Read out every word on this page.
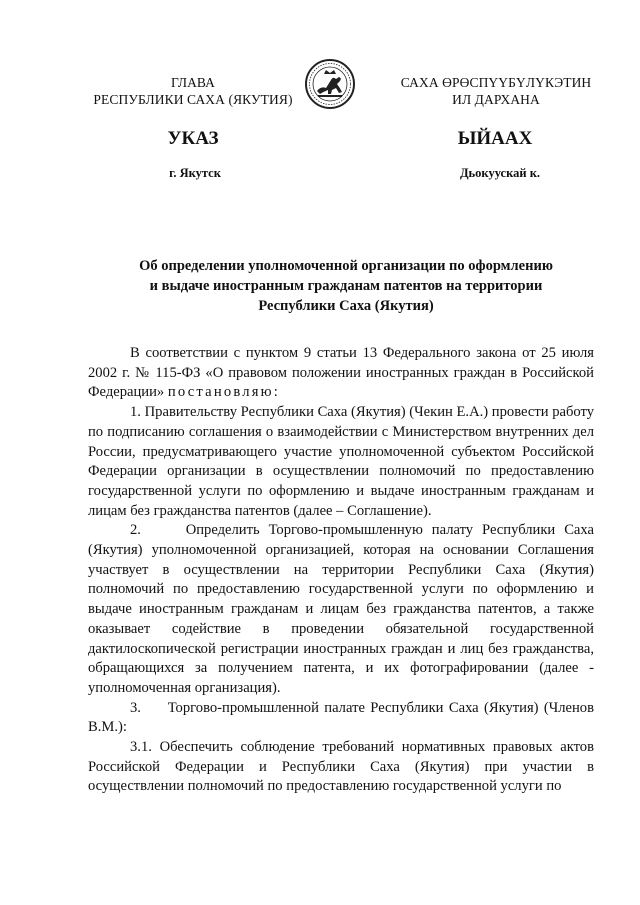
ГЛАВА
РЕСПУБЛИКИ САХА (ЯКУТИЯ)
САХА ӨРӨСПҮҮБҮЛҮКЭТИН
ИЛ ДАРХАНА
УКАЗ	ЫЙААХ
г. Якутск	Дьокуускай к.
Об определении уполномоченной организации по оформлению
и выдаче иностранным гражданам патентов на территории
Республики Саха (Якутия)

В соответствии с пунктом 9 статьи 13 Федерального закона от 25 июля 2002 г. № 115-ФЗ «О правовом положении иностранных граждан в Российской Федерации» постановляю:

1. Правительству Республики Саха (Якутия) (Чекин Е.А.) провести работу по подписанию соглашения о взаимодействии с Министерством внутренних дел России, предусматривающего участие уполномоченной субъектом Российской Федерации организации в осуществлении полномочий по предоставлению государственной услуги по оформлению и выдаче иностранным гражданам и лицам без гражданства патентов (далее – Соглашение).

2.     Определить Торгово-промышленную палату Республики Саха (Якутия) уполномоченной организацией, которая на основании Соглашения участвует в осуществлении на территории Республики Саха (Якутия) полномочий по предоставлению государственной услуги по оформлению и выдаче иностранным гражданам и лицам без гражданства патентов, а также оказывает содействие в проведении обязательной государственной дактилоскопической регистрации иностранных граждан и лиц без гражданства, обращающихся за получением патента, и их фотографировании (далее - уполномоченная организация).

3.     Торгово-промышленной палате Республики Саха (Якутия) (Членов В.М.):

3.1. Обеспечить соблюдение требований нормативных правовых актов Российской Федерации и Республики Саха (Якутия) при участии в осуществлении полномочий по предоставлению государственной услуги по
